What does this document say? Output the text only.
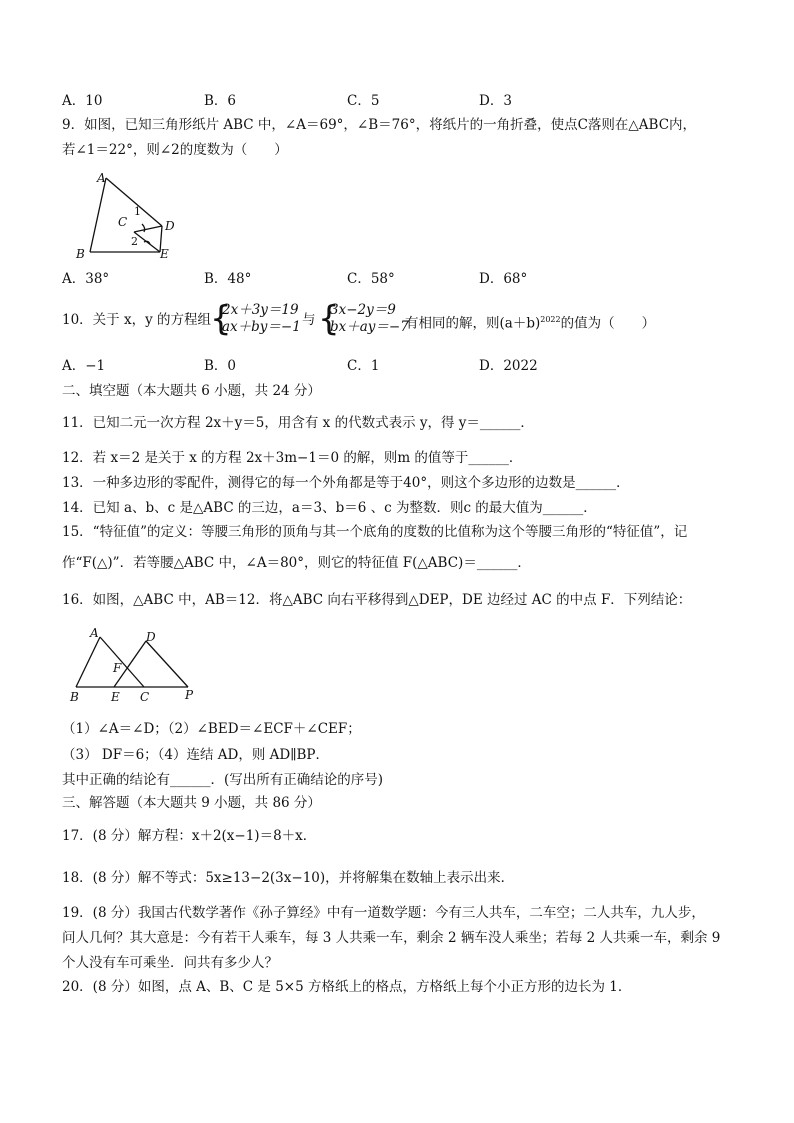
A．10	B．6	C．5	D．3
9．如图，已知三角形纸片 ABC 中，∠A＝69°，∠B＝76°，将纸片的一角折叠，使点C落则在△ABC内，
若∠1＝22°，则∠2的度数为（　　）
A
B
C	D
E
1
2
A．38°	B．48°	C．58°	D．68°
10．关于 x，y 的方程组
{
2x＋3y＝19
ax＋by＝−1 与 {
3x−2y＝9
bx＋ay＝−7
有相同的解，则$(a+b)^{2022}$的值为（　　）
A．−1	B．0	C．1	D．2022
二、填空题（本大题共 6 小题，共 24 分）
11．已知二元一次方程 2x＋y＝5，用含有 x 的代数式表示 y，得 y＝______．
12．若 x＝2 是关于 x 的方程 2x＋3m−1＝0 的解，则m 的值等于______．
13．一种多边形的零配件，测得它的每一个外角都是等于40°，则这个多边形的边数是______．
14．已知 a、b、c 是△ABC 的三边，a＝3、b＝6 、c 为整数．则c 的最大值为______．
15．“特征值”的定义：等腰三角形的顶角与其一个底角的度数的比值称为这个等腰三角形的“特征值”，记
作“F(△)”．若等腰△ABC 中，∠A＝80°，则它的特征值 F(△ABC)＝______．
16．如图，△ABC 中，AB＝12．将△ABC 向右平移得到△DEP，DE 边经过 AC 的中点 F．下列结论：
A	D
F
B	E C	P
（1）∠A＝∠D；（2）∠BED＝∠ECF＋∠CEF；
（3） DF＝6；（4）连结 AD，则 AD∥BP．
其中正确的结论有______．(写出所有正确结论的序号)
三、解答题（本大题共 9 小题，共 86 分）
17．(8 分）解方程：x＋2(x−1)＝8＋x．
18．(8 分）解不等式：5x≥13−2(3x−10)，并将解集在数轴上表示出来．
19．(8 分）我国古代数学著作《孙子算经》中有一道数学题：今有三人共车，二车空；二人共车，九人步，
问人几何？其大意是：今有若干人乘车，每 3 人共乘一车，剩余 2 辆车没人乘坐；若每 2 人共乘一车，剩余 9
个人没有车可乘坐．问共有多少人？
20．(8 分）如图，点 A、B、C 是 5×5 方格纸上的格点，方格纸上每个小正方形的边长为 1．
